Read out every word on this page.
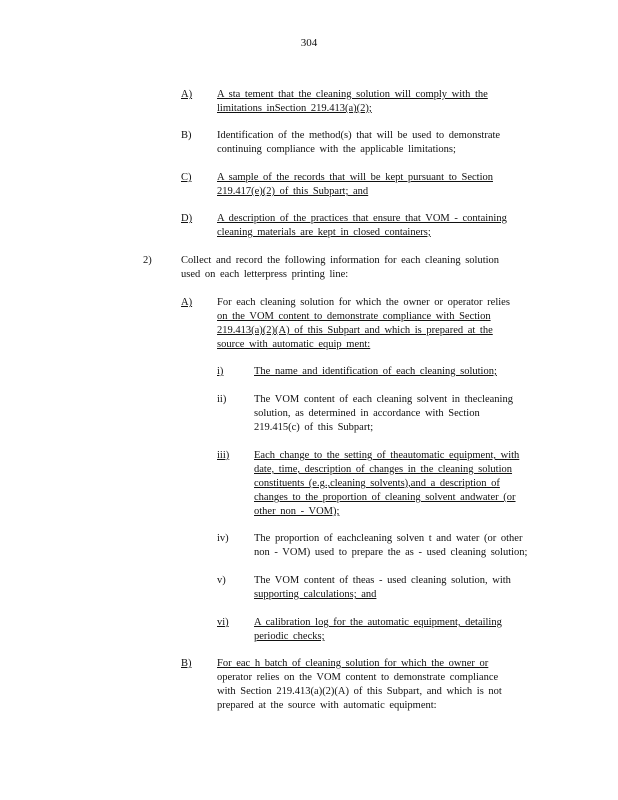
304
A) A sta tement that the cleaning solution will comply with the
limitations inSection 219.413(a)(2);
B) Identification of the method(s) that will be used to demonstrate
continuing compliance with the applicable limitations;
C) A sample of the records that will be kept pursuant to Section
219.417(e)(2) of this Subpart; and
D) A description of the practices that ensure that VOM - containing
cleaning materials are kept in closed containers;
2)	Collect and record the following information for each cleaning solution
used on each letterpress printing line:
A) For each cleaning solution for which the owner or operator relies
on the VOM content to demonstrate compliance with Section
219.413(a)(2)(A) of this Subpart and which is prepared at the
source with automatic equip ment:
i)	The name and identification of each cleaning solution;
ii)	The VOM content of each cleaning solvent in thecleaning
solution, as determined in accordance with Section
219.415(c) of this Subpart;
iii) Each change to the setting of theautomatic equipment, with
date, time, description of changes in the cleaning solution
constituents (e.g.,cleaning solvents),and a description of
changes to the proportion of cleaning solvent andwater (or
other non - VOM);
iv) The proportion of eachcleaning solven t and water (or other
non - VOM) used to prepare the as - used cleaning solution;
v)	The VOM content of theas - used cleaning solution, with
supporting calculations; and
vi) A calibration log for the automatic equipment, detailing
periodic checks;
B) For eac h batch of cleaning solution for which the owner or
operator relies on the VOM content to demonstrate compliance
with Section 219.413(a)(2)(A) of this Subpart, and which is not
prepared at the source with automatic equipment:
